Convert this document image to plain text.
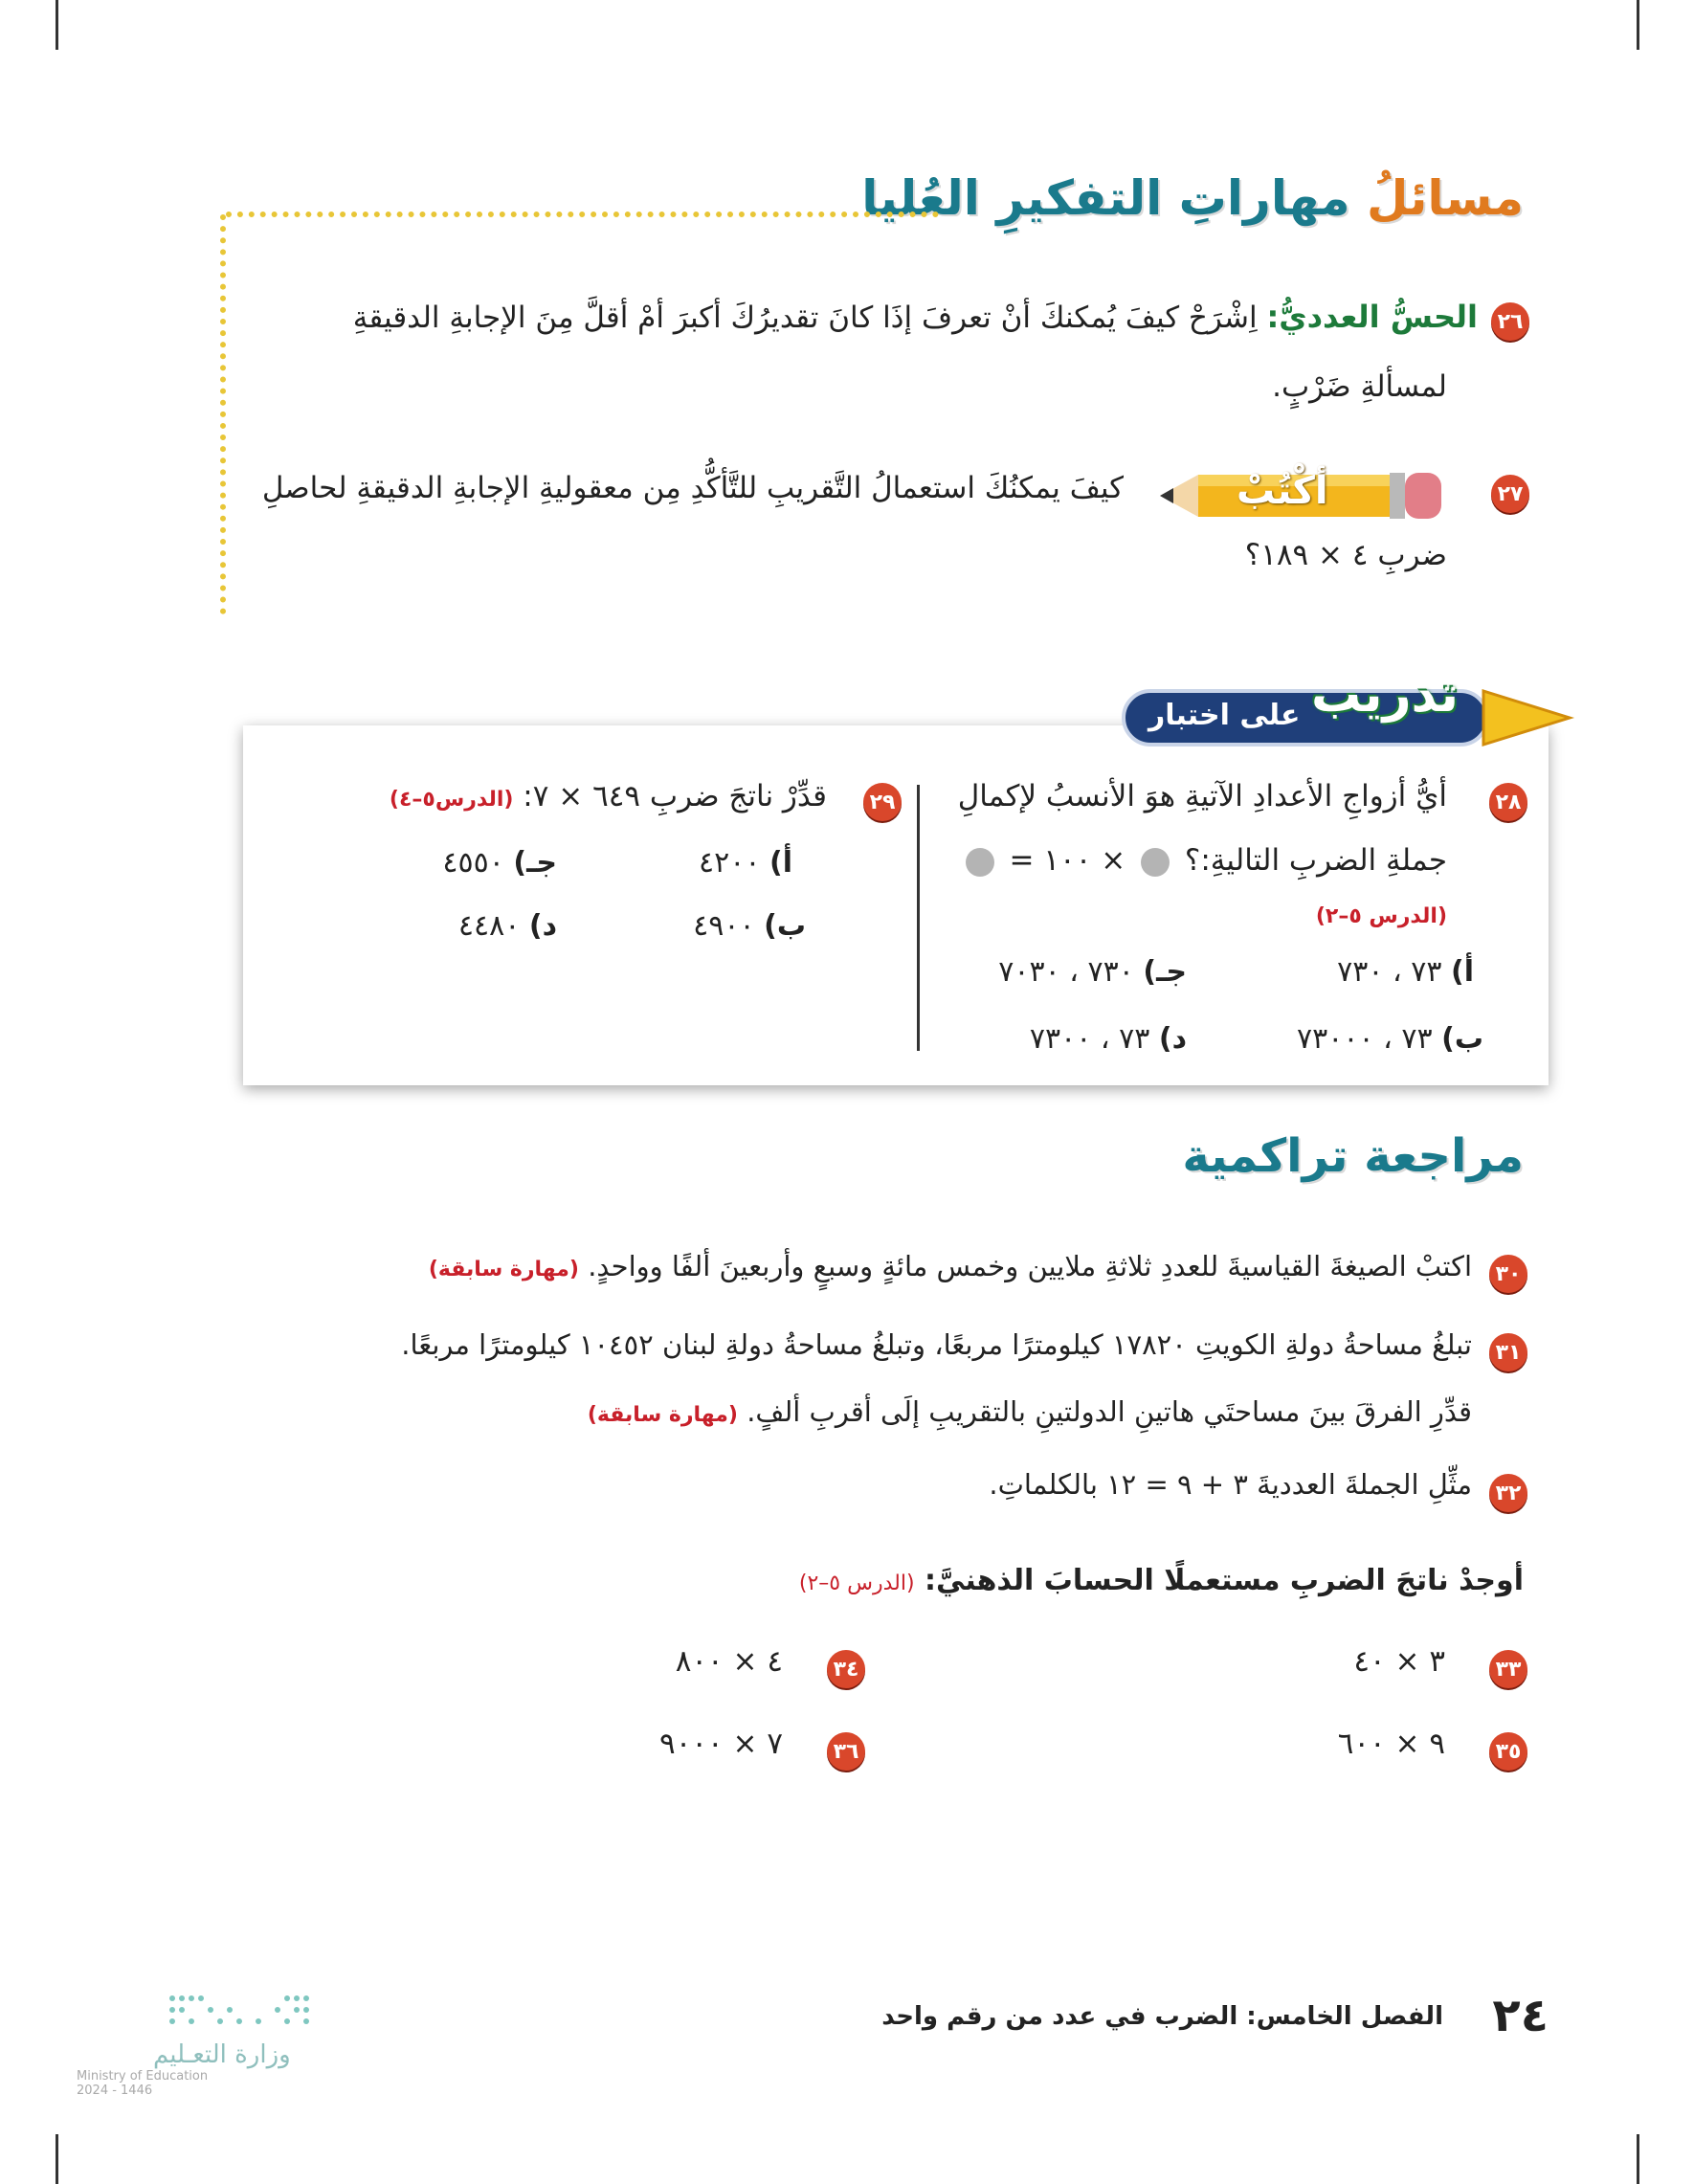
مسائلُ مهاراتِ التفكيرِ العُليا
٢٦
الحسُّ العدديُّ: اِشْرَحْ كيفَ يُمكنكَ أنْ تعرفَ إذَا كانَ تقديرُكَ أكبرَ أمْ أقلَّ مِنَ الإجابةِ الدقيقةِ
لمسألةِ ضَرْبٍ.
٢٧
أكْتُبْ
كيفَ يمكنُكَ استعمالُ التَّقريبِ للتَّأكُّدِ مِن معقوليةِ الإجابةِ الدقيقةِ لحاصلِ
ضربِ ٤ × ١٨٩؟
على اختبار تدريب
٢٨
أيُّ أزواجِ الأعدادِ الآتيةِ هوَ الأنسبُ لإكمالِ
جملةِ الضربِ التاليةِ:؟  × ١٠٠ =
(الدرس ٥–٢)
أ) ٧٣ ، ٧٣٠
جـ) ٧٣٠ ، ٧٠٣٠
ب) ٧٣ ، ٧٣٠٠٠
د) ٧٣ ، ٧٣٠٠
٢٩
قدِّرْ ناتجَ ضربِ ٦٤٩ × ٧: (الدرس٥–٤)
أ) ٤٢٠٠
جـ) ٤٥٥٠
ب) ٤٩٠٠
د) ٤٤٨٠
مراجعة تراكمية
٣٠
اكتبْ الصيغةَ القياسيةَ للعددِ ثلاثةِ ملايين وخمس مائةٍ وسبعٍ وأربعينَ ألفًا وواحدٍ. (مهارة سابقة)
٣١
تبلغُ مساحةُ دولةِ الكويتِ ١٧٨٢٠ كيلومترًا مربعًا، وتبلغُ مساحةُ دولةِ لبنان ١٠٤٥٢ كيلومترًا مربعًا.
قدِّرِ الفرقَ بينَ مساحتَي هاتينِ الدولتينِ بالتقريبِ إلَى أقربِ ألفٍ. (مهارة سابقة)
٣٢
مثِّلِ الجملةَ العدديةَ ٣ + ٩ = ١٢ بالكلماتِ.
أوجدْ ناتجَ الضربِ مستعملًا الحسابَ الذهنيَّ: (الدرس ٥–٢)
٣٣
٣ × ٤٠
٣٤
٤ × ٨٠٠
٣٥
٩ × ٦٠٠
٣٦
٧ × ٩٠٠٠
٢٤
الفصل الخامس: الضرب في عدد من رقم واحد
وزارة التعـليم
Ministry of Education
2024 - 1446
